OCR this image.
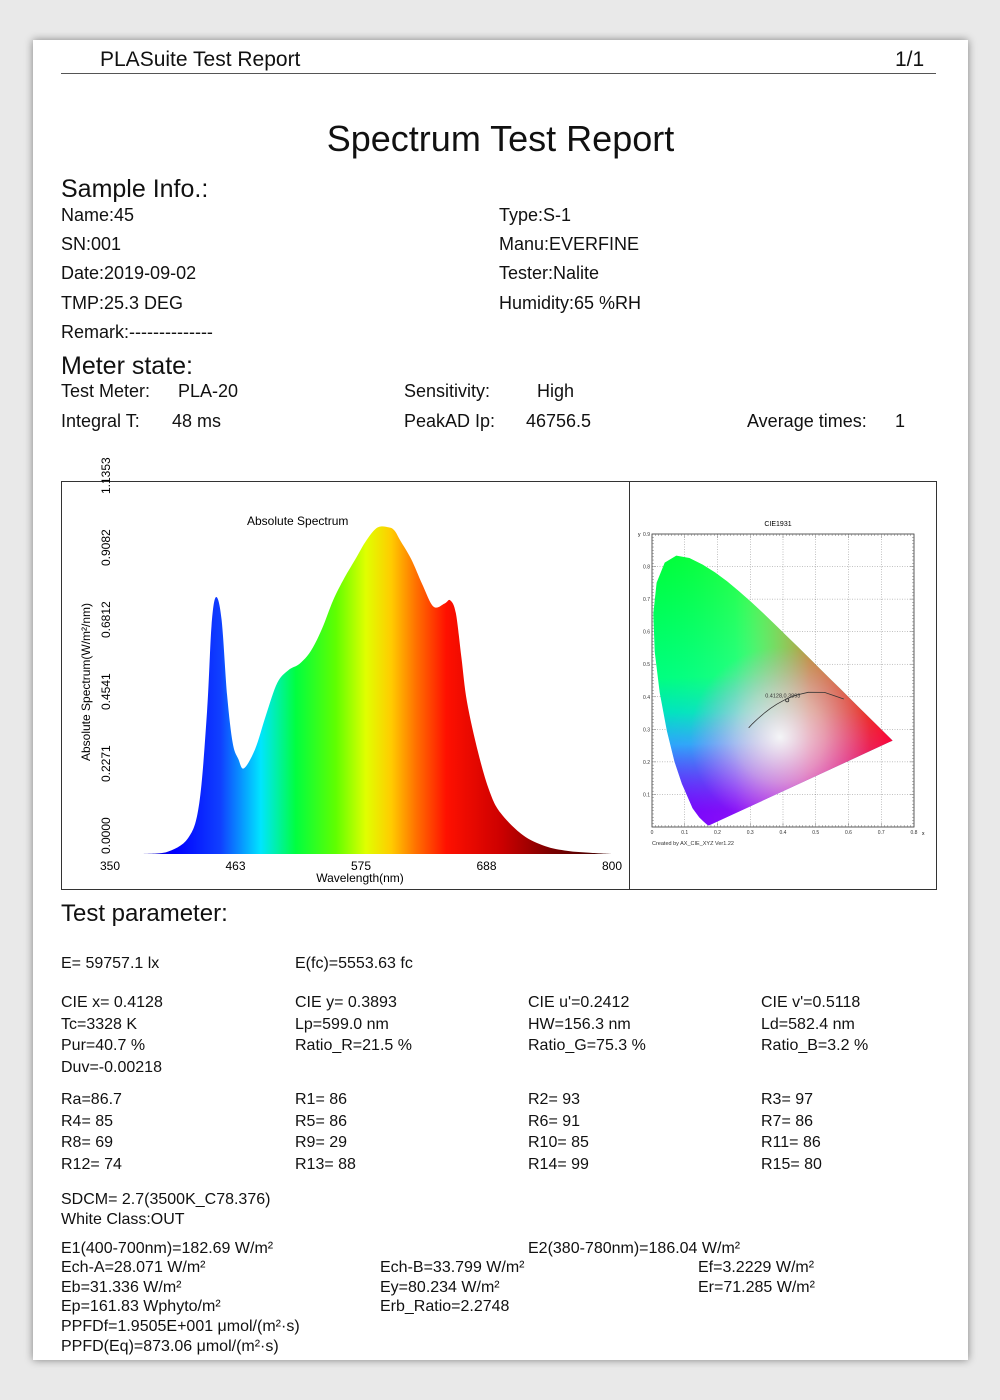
PLASuite Test Report	1/1
Spectrum Test Report
Sample Info.:
Name:45	Type:S-1
SN:001	Manu:EVERFINE
Date:2019-09-02	Tester:Nalite
TMP:25.3 DEG	Humidity:65 %RH
Remark:--------------
Meter state:
Test Meter: PLA-20	Sensitivity:	High
Integral T: 48 ms	PeakAD Ip: 46756.5	Average times: 1
350	463	575	688	800
0.0000
0.2271
0.4541
0.6812
0.9082
1.1353
Absolute Spectrum
Wavelength(nm)
Absolute Spectrum(W/m²/nm)
0	0.1	0.2	0.3	0.4	0.5	0.6	0.7	0.8
0.1
0.2
0.3
0.4
0.5
0.6
0.7
0.8
0.9
0.4128,0.3893
CIE1931
y
x
Created by AX_CIE_XYZ Ver1.22
Test parameter:
E= 59757.1 lx	E(fc)=5553.63 fc
CIE x= 0.4128	CIE y= 0.3893	CIE u'=0.2412	CIE v'=0.5118
Tc=3328 K	Lp=599.0 nm	HW=156.3 nm	Ld=582.4 nm
Pur=40.7 %	Ratio_R=21.5 %	Ratio_G=75.3 %	Ratio_B=3.2 %
Duv=-0.00218
Ra=86.7	R1= 86	R2= 93	R3= 97
R4= 85	R5= 86	R6= 91	R7= 86
R8= 69	R9= 29	R10= 85	R11= 86
R12= 74	R13= 88	R14= 99	R15= 80
SDCM= 2.7(3500K_C78.376)
White Class:OUT
E1(400-700nm)=182.69 W/m²	E2(380-780nm)=186.04 W/m²
Ech-A=28.071 W/m²	Ech-B=33.799 W/m²	Ef=3.2229 W/m²
Eb=31.336 W/m²	Ey=80.234 W/m²	Er=71.285 W/m²
Ep=161.83 Wphyto/m²	Erb_Ratio=2.2748
PPFDf=1.9505E+001 μmol/(m²·s)
PPFD(Eq)=873.06 μmol/(m²·s)
